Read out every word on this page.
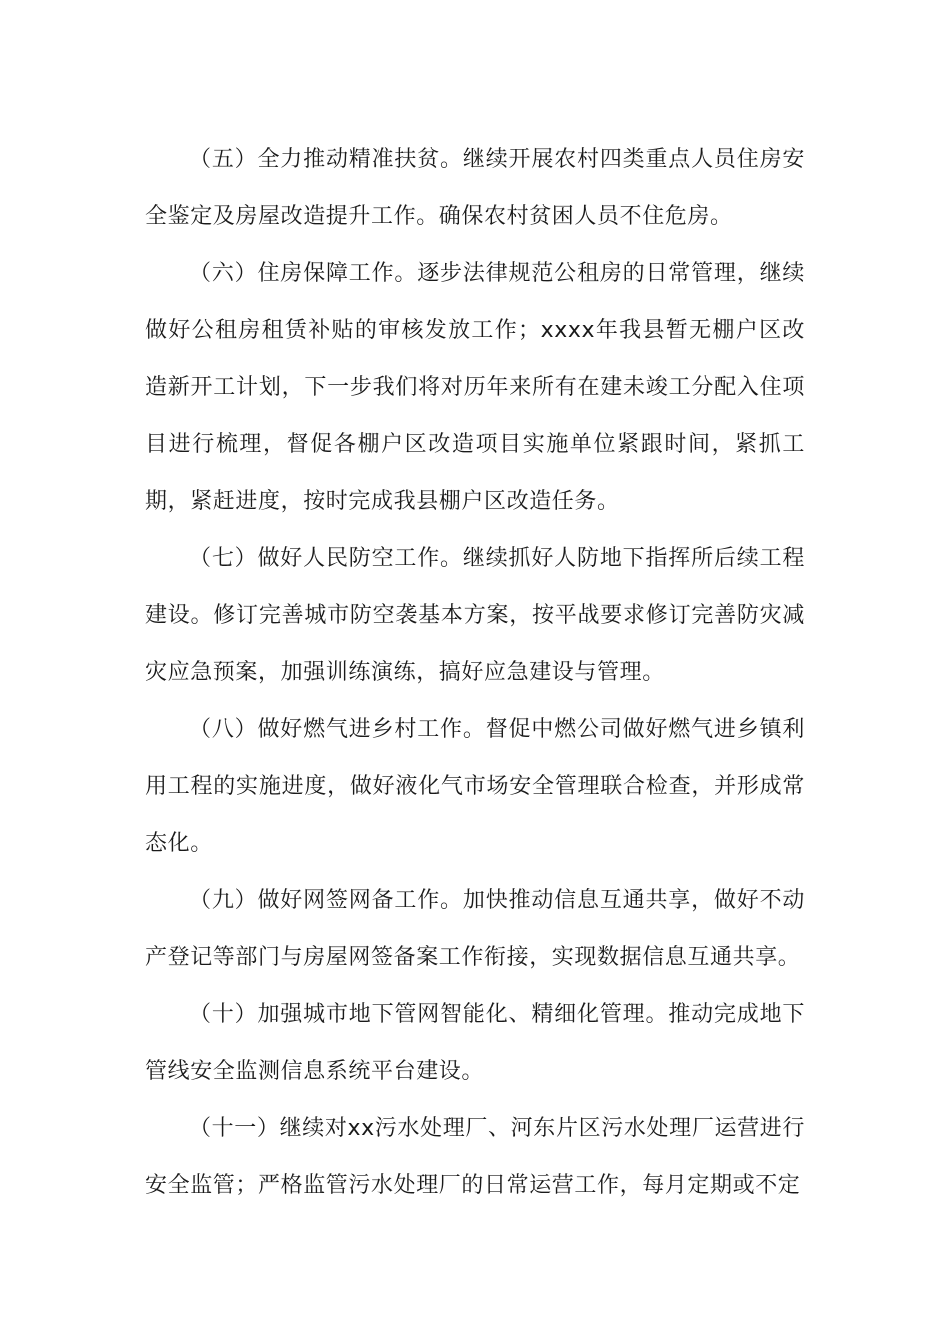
（五）全力推动精准扶贫。继续开展农村四类重点人员住房安全鉴定及房屋改造提升工作。确保农村贫困人员不住危房。

（六）住房保障工作。逐步法律规范公租房的日常管理，继续做好公租房租赁补贴的审核发放工作；xxxx年我县暂无棚户区改造新开工计划，下一步我们将对历年来所有在建未竣工分配入住项目进行梳理，督促各棚户区改造项目实施单位紧跟时间，紧抓工期，紧赶进度，按时完成我县棚户区改造任务。

（七）做好人民防空工作。继续抓好人防地下指挥所后续工程建设。修订完善城市防空袭基本方案，按平战要求修订完善防灾减灾应急预案，加强训练演练，搞好应急建设与管理。

（八）做好燃气进乡村工作。督促中燃公司做好燃气进乡镇利用工程的实施进度，做好液化气市场安全管理联合检查，并形成常态化。

（九）做好网签网备工作。加快推动信息互通共享，做好不动产登记等部门与房屋网签备案工作衔接，实现数据信息互通共享。

（十）加强城市地下管网智能化、精细化管理。推动完成地下管线安全监测信息系统平台建设。

（十一）继续对xx污水处理厂、河东片区污水处理厂运营进行安全监管；严格监管污水处理厂的日常运营工作，每月定期或不定
